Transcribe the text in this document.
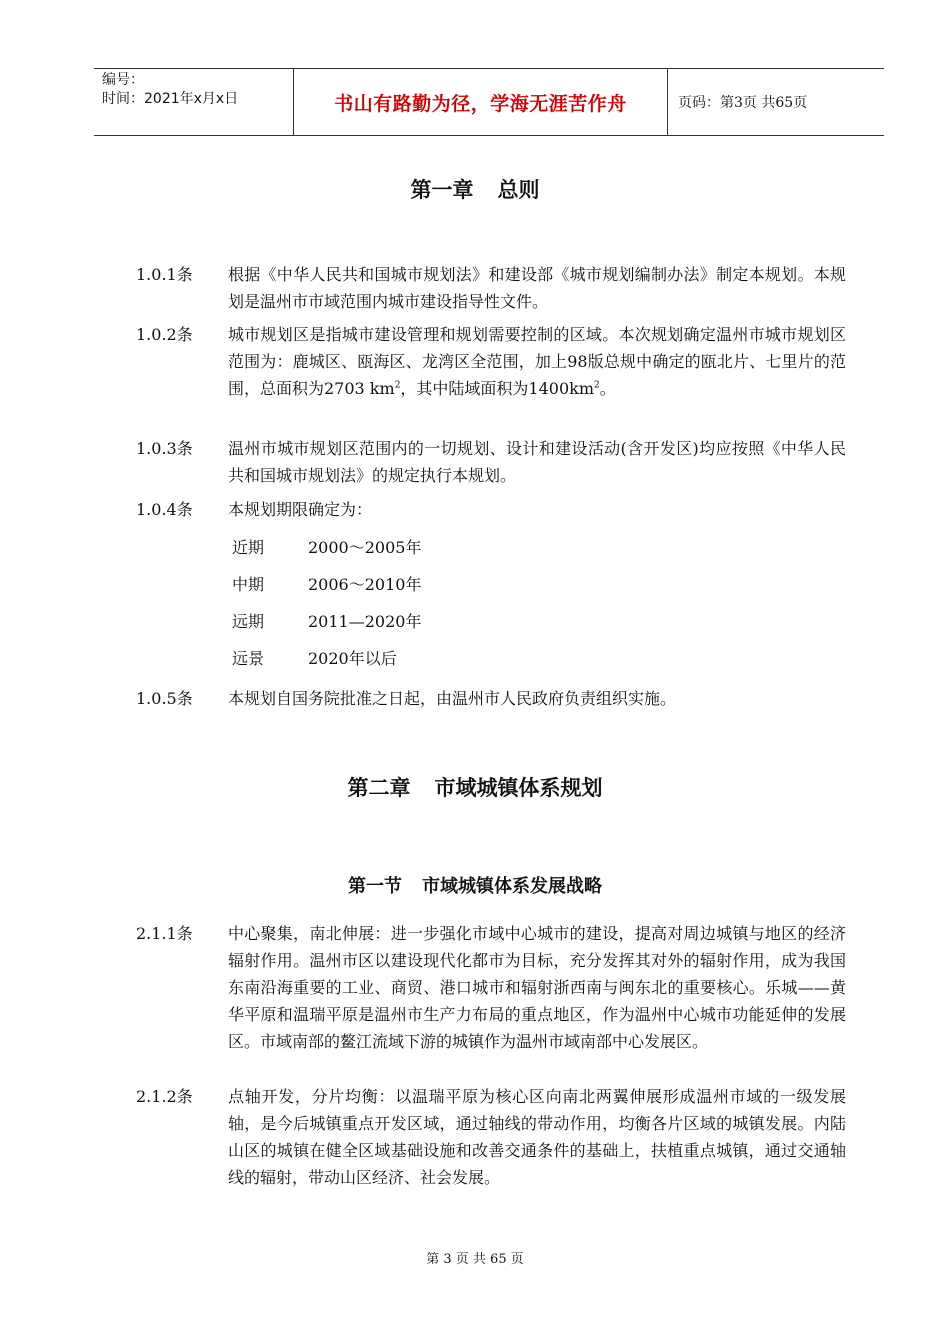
编号：
时间：2021年x月x日	书山有路勤为径，学海无涯苦作舟	页码： 第3页 共65页
第一章 总则
1.0.1条	根据《中华人民共和国城市规划法》和建设部《城市规划编制办法》制定本规划。本规划是温州市市域范围内城市建设指导性文件。
1.0.2条	城市规划区是指城市建设管理和规划需要控制的区域。本次规划确定温州市城市规划区范围为：鹿城区、瓯海区、龙湾区全范围，加上98版总规中确定的瓯北片、七里片的范围，总面积为2703 $km^2$，其中陆域面积为$1400km^2$。
1.0.3条	温州市城市规划区范围内的一切规划、设计和建设活动(含开发区)均应按照《中华人民共和国城市规划法》的规定执行本规划。
1.0.4条	本规划期限确定为：
近期	2000～2005年
中期	2006～2010年
远期	2011—2020年
远景	2020年以后
1.0.5条	本规划自国务院批准之日起，由温州市人民政府负责组织实施。
第二章 市域城镇体系规划
第一节 市域城镇体系发展战略
2.1.1条	中心聚集，南北伸展：进一步强化市域中心城市的建设，提高对周边城镇与地区的经济辐射作用。温州市区以建设现代化都市为目标，充分发挥其对外的辐射作用，成为我国东南沿海重要的工业、商贸、港口城市和辐射浙西南与闽东北的重要核心。乐城——黄华平原和温瑞平原是温州市生产力布局的重点地区，作为温州中心城市功能延伸的发展区。市域南部的鳌江流域下游的城镇作为温州市域南部中心发展区。
2.1.2条	点轴开发，分片均衡：以温瑞平原为核心区向南北两翼伸展形成温州市域的一级发展轴，是今后城镇重点开发区域，通过轴线的带动作用，均衡各片区域的城镇发展。内陆山区的城镇在健全区域基础设施和改善交通条件的基础上，扶植重点城镇，通过交通轴线的辐射，带动山区经济、社会发展。
第 3 页 共 65 页
